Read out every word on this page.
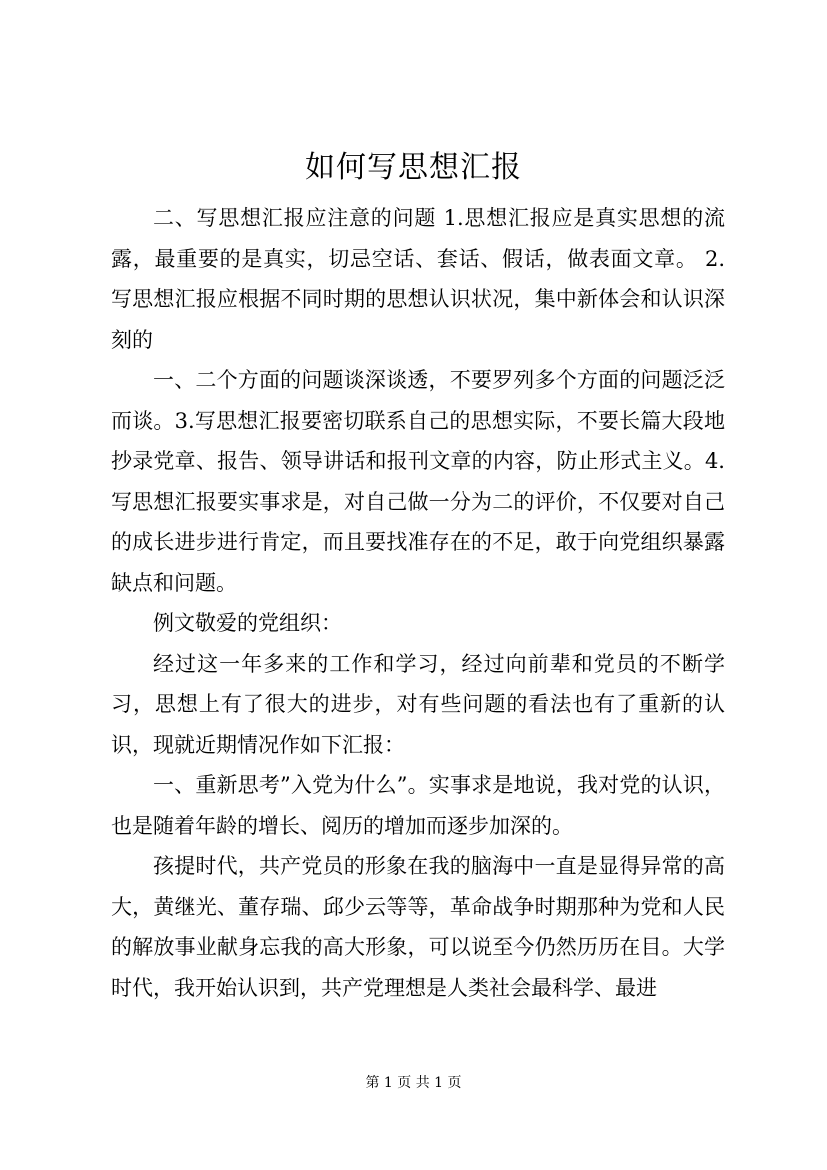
如何写思想汇报

二、写思想汇报应注意的问题 1.思想汇报应是真实思想的流露，最重要的是真实，切忌空话、套话、假话，做表面文章。 2.写思想汇报应根据不同时期的思想认识状况，集中新体会和认识深刻的

一、二个方面的问题谈深谈透，不要罗列多个方面的问题泛泛而谈。3.写思想汇报要密切联系自己的思想实际，不要长篇大段地抄录党章、报告、领导讲话和报刊文章的内容，防止形式主义。4.写思想汇报要实事求是，对自己做一分为二的评价，不仅要对自己的成长进步进行肯定，而且要找准存在的不足，敢于向党组织暴露缺点和问题。

例文敬爱的党组织：

经过这一年多来的工作和学习，经过向前辈和党员的不断学习，思想上有了很大的进步，对有些问题的看法也有了重新的认识，现就近期情况作如下汇报：

一、重新思考”入党为什么”。实事求是地说，我对党的认识，也是随着年龄的增长、阅历的增加而逐步加深的。

孩提时代，共产党员的形象在我的脑海中一直是显得异常的高大，黄继光、董存瑞、邱少云等等，革命战争时期那种为党和人民的解放事业献身忘我的高大形象，可以说至今仍然历历在目。大学时代，我开始认识到，共产党理想是人类社会最科学、最进

第 1 页 共 1 页
